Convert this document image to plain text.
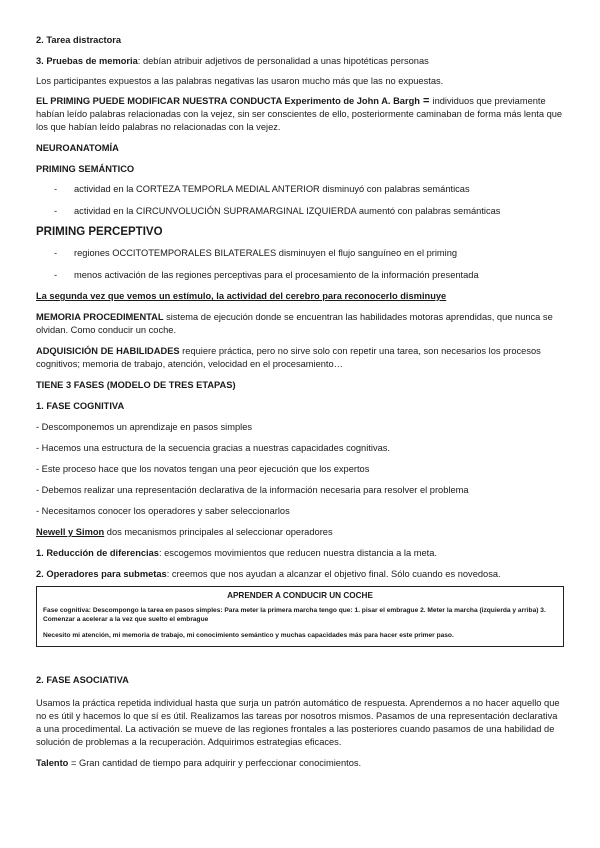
2. Tarea distractora

3. Pruebas de memoria: debían atribuir adjetivos de personalidad a unas hipotéticas personas

Los participantes expuestos a las palabras negativas las usaron mucho más que las no expuestas.

EL PRIMING PUEDE MODIFICAR NUESTRA CONDUCTA Experimento de John A. Bargh = individuos que previamente habían leído palabras relacionadas con la vejez, sin ser conscientes de ello, posteriormente caminaban de forma más lenta que los que habían leído palabras no relacionadas con la vejez.

NEUROANATOMÍA

PRIMING SEMÁNTICO

- actividad en la CORTEZA TEMPORLA MEDIAL ANTERIOR disminuyó con palabras semánticas
- actividad en la CIRCUNVOLUCIÓN SUPRAMARGINAL IZQUIERDA aumentó con palabras semánticas

PRIMING PERCEPTIVO

- regiones OCCITOTEMPORALES BILATERALES disminuyen el flujo sanguíneo en el priming
- menos activación de las regiones perceptivas para el procesamiento de la información presentada

La segunda vez que vemos un estímulo, la actividad del cerebro para reconocerlo disminuye

MEMORIA PROCEDIMENTAL sistema de ejecución donde se encuentran las habilidades motoras aprendidas, que nunca se olvidan. Como conducir un coche.

ADQUISICIÓN DE HABILIDADES requiere práctica, pero no sirve solo con repetir una tarea, son necesarios los procesos cognitivos; memoria de trabajo, atención, velocidad en el procesamiento…

TIENE 3 FASES (MODELO DE TRES ETAPAS)

1. FASE COGNITIVA

- Descomponemos un aprendizaje en pasos simples

- Hacemos una estructura de la secuencia gracias a nuestras capacidades cognitivas.

- Este proceso hace que los novatos tengan una peor ejecución que los expertos

- Debemos realizar una representación declarativa de la información necesaria para resolver el problema

- Necesitamos conocer los operadores y saber seleccionarlos

Newell y Simon dos mecanismos principales al seleccionar operadores

1. Reducción de diferencias: escogemos movimientos que reducen nuestra distancia a la meta.

2. Operadores para submetas: creemos que nos ayudan a alcanzar el objetivo final. Sólo cuando es novedosa.

APRENDER A CONDUCIR UN COCHE

Fase cognitiva: Descompongo la tarea en pasos simples: Para meter la primera marcha tengo que: 1. pisar el embrague 2. Meter la marcha (izquierda y arriba) 3. Comenzar a acelerar a la vez que suelto el embrague

Necesito mi atención, mi memoria de trabajo, mi conocimiento semántico y muchas capacidades más para hacer este primer paso.

2. FASE ASOCIATIVA

Usamos la práctica repetida individual hasta que surja un patrón automático de respuesta. Aprendemos a no hacer aquello que no es útil y hacemos lo que sí es útil. Realizamos las tareas por nosotros mismos. Pasamos de una representación declarativa a una procedimental. La activación se mueve de las regiones frontales a las posteriores cuando pasamos de una habilidad de solución de problemas a la recuperación. Adquirimos estrategias eficaces.

Talento = Gran cantidad de tiempo para adquirir y perfeccionar conocimientos.
